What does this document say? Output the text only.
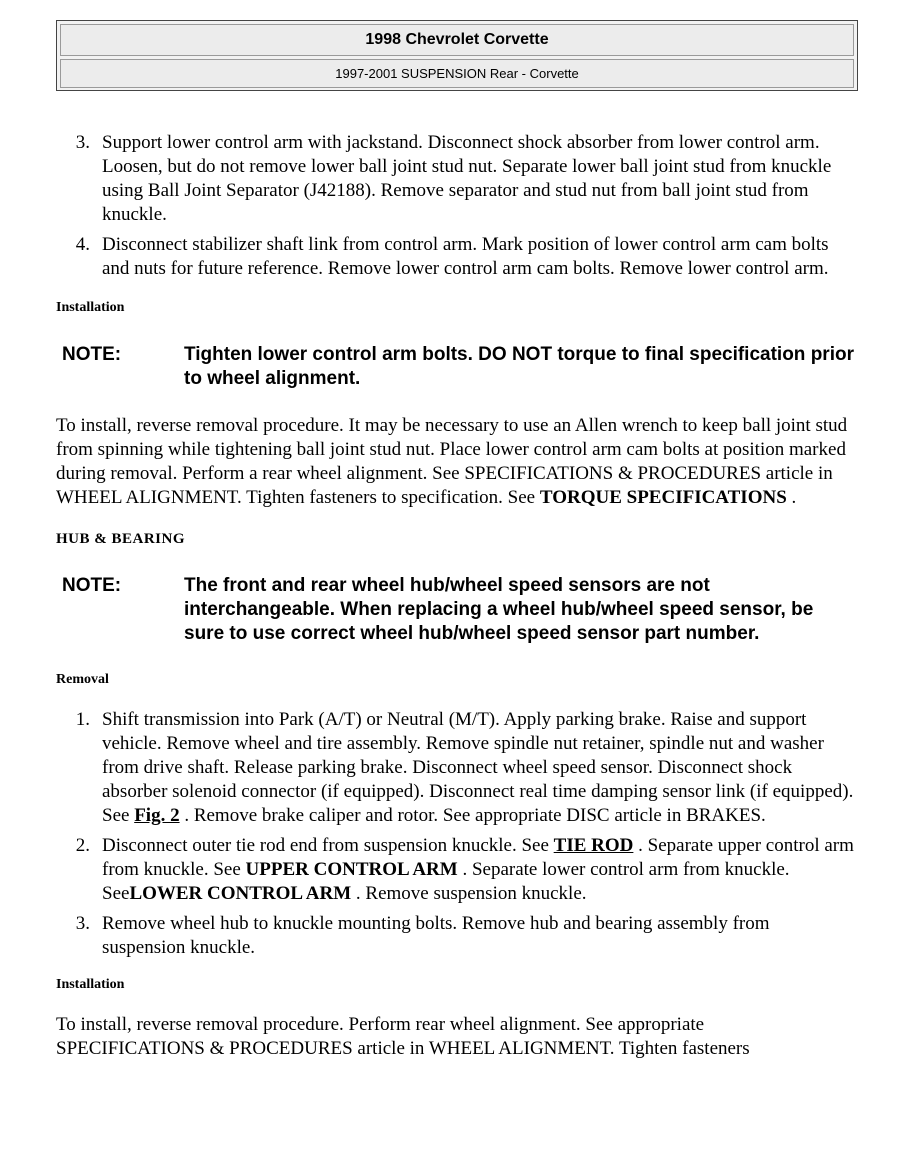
1998 Chevrolet Corvette
1997-2001 SUSPENSION Rear - Corvette
3. Support lower control arm with jackstand. Disconnect shock absorber from lower control arm. Loosen, but do not remove lower ball joint stud nut. Separate lower ball joint stud from knuckle using Ball Joint Separator (J42188). Remove separator and stud nut from ball joint stud from knuckle.
4. Disconnect stabilizer shaft link from control arm. Mark position of lower control arm cam bolts and nuts for future reference. Remove lower control arm cam bolts. Remove lower control arm.
Installation
NOTE:	Tighten lower control arm bolts. DO NOT torque to final specification prior to wheel alignment.

To install, reverse removal procedure. It may be necessary to use an Allen wrench to keep ball joint stud from spinning while tightening ball joint stud nut. Place lower control arm cam bolts at position marked during removal. Perform a rear wheel alignment. See SPECIFICATIONS & PROCEDURES article in WHEEL ALIGNMENT. Tighten fasteners to specification. See TORQUE SPECIFICATIONS .

HUB & BEARING
NOTE:	The front and rear wheel hub/wheel speed sensors are not interchangeable. When replacing a wheel hub/wheel speed sensor, be sure to use correct wheel hub/wheel speed sensor part number.
Removal
1. Shift transmission into Park (A/T) or Neutral (M/T). Apply parking brake. Raise and support vehicle. Remove wheel and tire assembly. Remove spindle nut retainer, spindle nut and washer from drive shaft. Release parking brake. Disconnect wheel speed sensor. Disconnect shock absorber solenoid connector (if equipped). Disconnect real time damping sensor link (if equipped). See Fig. 2 . Remove brake caliper and rotor. See appropriate DISC article in BRAKES.
2. Disconnect outer tie rod end from suspension knuckle. See TIE ROD . Separate upper control arm from knuckle. See UPPER CONTROL ARM . Separate lower control arm from knuckle. SeeLOWER CONTROL ARM . Remove suspension knuckle.
3. Remove wheel hub to knuckle mounting bolts. Remove hub and bearing assembly from suspension knuckle.
Installation

To install, reverse removal procedure. Perform rear wheel alignment. See appropriate SPECIFICATIONS & PROCEDURES article in WHEEL ALIGNMENT. Tighten fasteners
